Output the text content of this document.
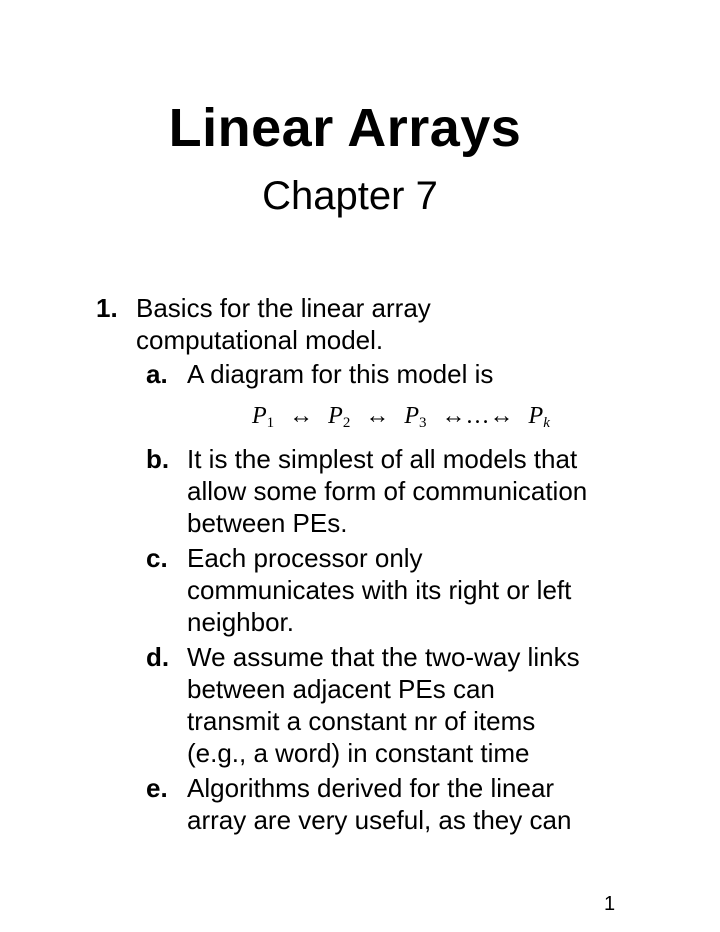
Linear Arrays
Chapter 7
1. Basics for the linear array
computational model.
a. A diagram for this model is
$P_1$ ↔ $P_2$ ↔ $P_3$ ↔…↔ $P_k$
b. It is the simplest of all models that
allow some form of communication
between PEs.
c. Each processor only
communicates with its right or left
neighbor.
d. We assume that the two-way links
between adjacent PEs can
transmit a constant nr of items
(e.g., a word) in constant time
e. Algorithms derived for the linear
array are very useful, as they can
1
